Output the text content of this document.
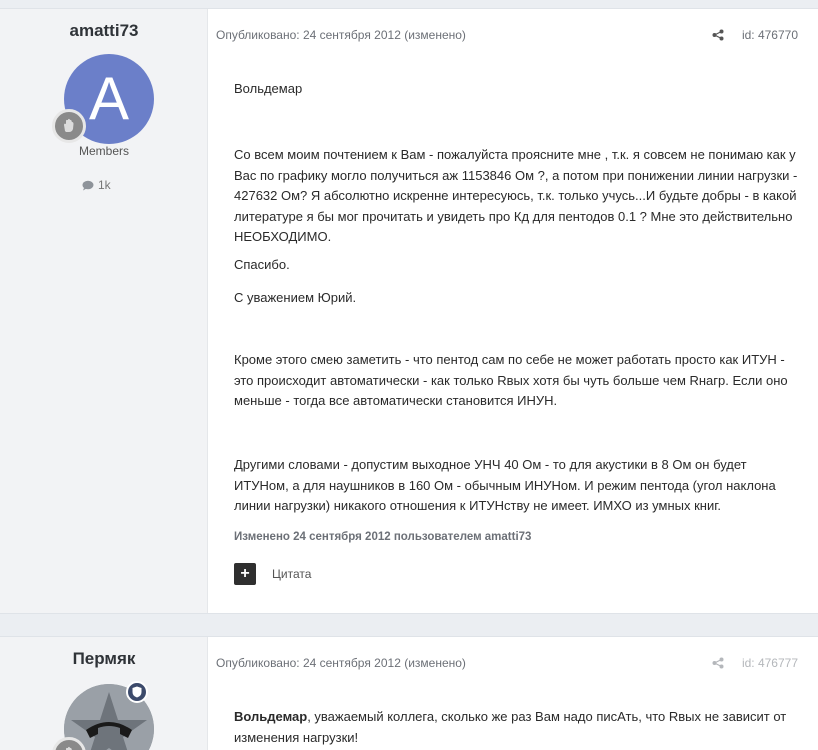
amatti73
A
Members
1k
Опубликовано: 24 сентября 2012 (изменено)	id: 476770
Вольдемар
Со всем моим почтением к Вам - пожалуйста проясните мне , т.к. я совсем не понимаю как у Вас по графику могло получиться аж 1153846 Ом ?, а потом при понижении линии нагрузки - 427632 Ом? Я абсолютно искренне интересуюсь, т.к. только учусь...И будьте добры - в какой литературе я бы мог прочитать и увидеть про Кд для пентодов 0.1 ? Мне это действительно НЕОБХОДИМО.
Спасибо.
С уважением Юрий.
Кроме этого смею заметить - что пентод сам по себе не может работать просто как ИТУН - это происходит автоматически - как только Rвых хотя бы чуть больше чем Rнагр. Если оно меньше - тогда все автоматически становится ИНУН.
Другими словами - допустим выходное УНЧ 40 Ом - то для акустики в 8 Ом он будет ИТУНом, а для наушников в 160 Ом - обычным ИНУНом. И режим пентода (угол наклона линии нагрузки) никакого отношения к ИТУНству не имеет. ИМХО из умных книг.
Изменено 24 сентября 2012 пользователем amatti73
+	Цитата
Пермяк	Опубликовано: 24 сентября 2012 (изменено)	id: 476777
Вольдемар, уважаемый коллега, сколько же раз Вам надо писАть, что Rвых не зависит от изменения нагрузки!
